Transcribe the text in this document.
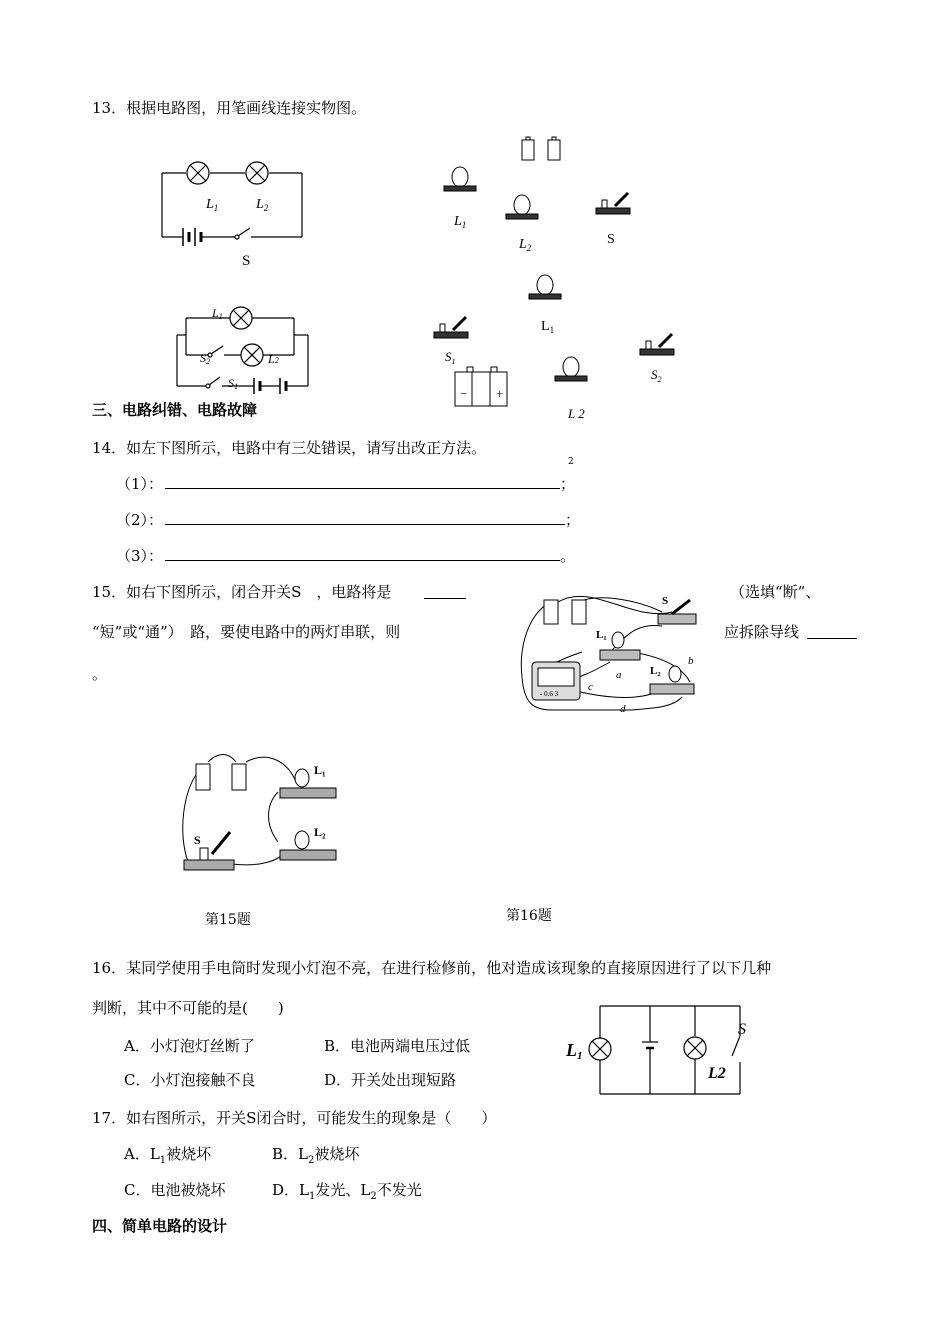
13．根据电路图，用笔画线连接实物图。
$L_1$	$L_2$
S
L1
L2
S2
S1
$L_1$
$L_2$
S
$L_1$
$S_1$
$S_2$
− +
L 2
三、电路纠错、电路故障
14．如左下图所示，电路中有三处错误，请写出改正方法。
2
（1）：	；
（2）：	；
（3）：	。
15．如右下图所示，闭合开关S　，电路将是	（选填“断”、
“短”或“通”）　路，要使电路中的两灯串联，则	应拆除导线
。
S
L₁
L₂
a
b
c
d
- 0.6 3
L₁
L₂
S
第15题	第16题
16．某同学使用手电筒时发现小灯泡不亮，在进行检修前，他对造成该现象的直接原因进行了以下几种
判断，其中不可能的是(　　)
A．小灯泡灯丝断了	B．电池两端电压过低
C．小灯泡接触不良	D．开关处出现短路
L1
L2
S
17．如右图所示，开关S闭合时，可能发生的现象是（　　）
A．$L_1$被烧坏	B．$L_2$被烧坏
C．电池被烧坏	D．$L_1$发光、$L_2$不发光
四、简单电路的设计
